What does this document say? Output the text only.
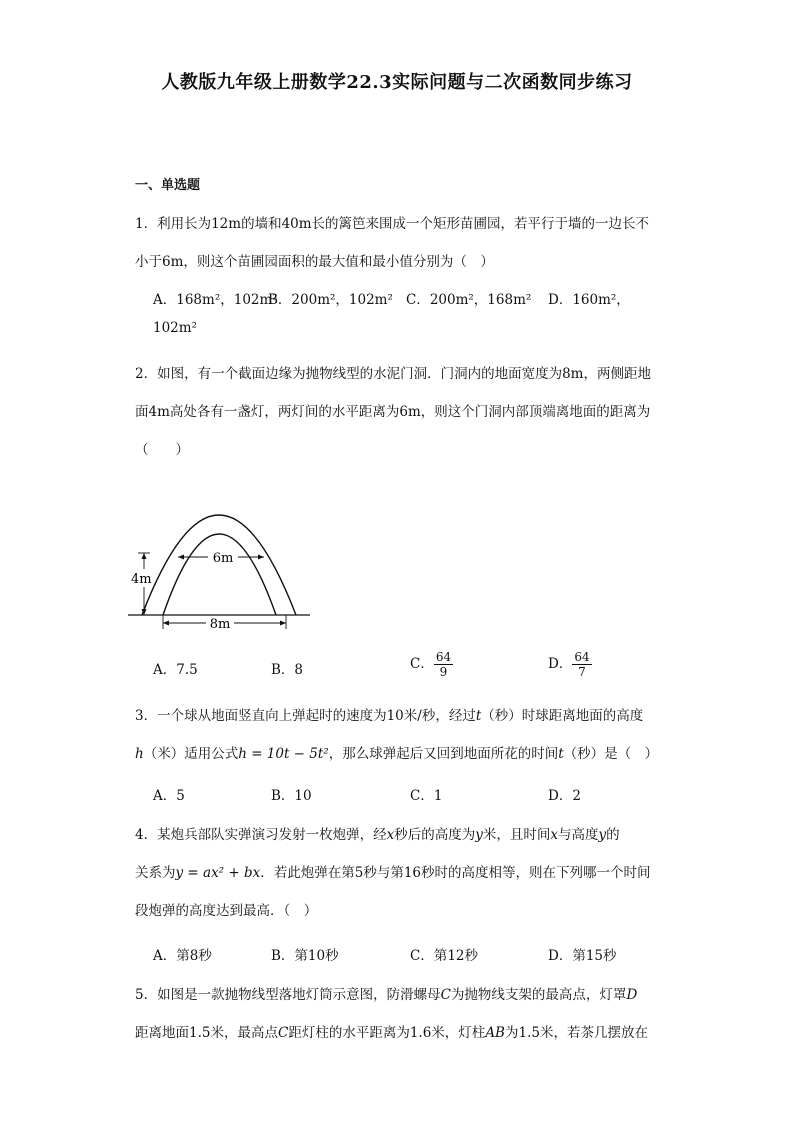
人教版九年级上册数学22.3实际问题与二次函数同步练习
一、单选题
1．利用长为12m的墙和40m长的篱笆来围成一个矩形苗圃园，若平行于墙的一边长不
小于6m，则这个苗圃园面积的最大值和最小值分别为（　）
A．168m²，102m²
B．200m²，102m² C．200m²，168m² D．160m²，
102m²
2．如图，有一个截面边缘为抛物线型的水泥门洞．门洞内的地面宽度为8m，两侧距地
面4m高处各有一盏灯，两灯间的水平距离为6m，则这个门洞内部顶端离地面的距离为
（　　）
6m
4m
8m
A．7.5	B．8	C． $\frac{64}{9}$	D． $\frac{64}{7}$
3．一个球从地面竖直向上弹起时的速度为10米/秒，经过t（秒）时球距离地面的高度
h（米）适用公式h = 10t − 5t²，那么球弹起后又回到地面所花的时间t（秒）是（　）
A．5	B．10	C．1	D．2
4．某炮兵部队实弹演习发射一枚炮弹，经x秒后的高度为y米，且时间x与高度y的
关系为y = ax² + bx．若此炮弹在第5秒与第16秒时的高度相等，则在下列哪一个时间
段炮弹的高度达到最高．（　）
A．第8秒	B．第10秒	C．第12秒	D．第15秒
5．如图是一款抛物线型落地灯筒示意图，防滑螺母C为抛物线支架的最高点，灯罩D
距离地面1.5米，最高点C距灯柱的水平距离为1.6米，灯柱AB为1.5米，若茶几摆放在
